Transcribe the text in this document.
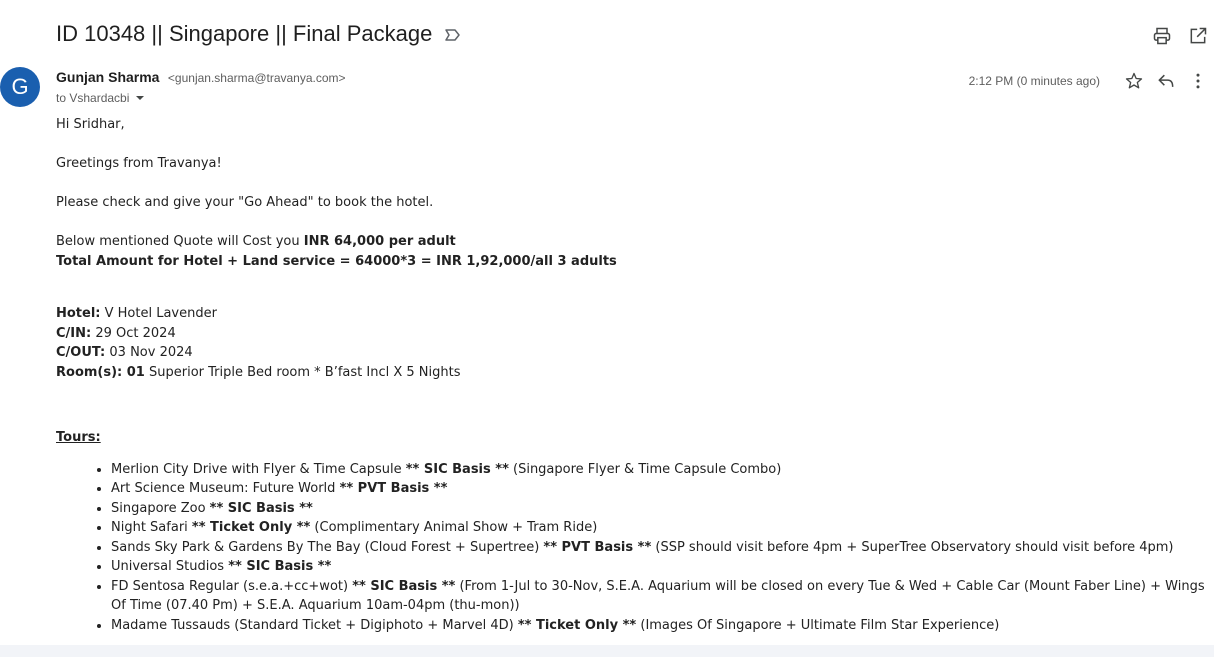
ID 10348 || Singapore || Final Package
G Gunjan Sharma <gunjan.sharma@travanya.com>
to Vshardacbi
2:12 PM (0 minutes ago)

Hi Sridhar,

Greetings from Travanya!

Please check and give your "Go Ahead" to book the hotel.

Below mentioned Quote will Cost you INR 64,000 per adult

Total Amount for Hotel + Land service = 64000*3 = INR 1,92,000/all 3 adults

Hotel: V Hotel Lavender

C/IN: 29 Oct 2024

C/OUT: 03 Nov 2024

Room(s): 01 Superior Triple Bed room * B’fast Incl X 5 Nights

Tours:

• Merlion City Drive with Flyer & Time Capsule ** SIC Basis ** (Singapore Flyer & Time Capsule Combo)
• Art Science Museum: Future World ** PVT Basis **
• Singapore Zoo ** SIC Basis **
• Night Safari ** Ticket Only ** (Complimentary Animal Show + Tram Ride)
• Sands Sky Park & Gardens By The Bay (Cloud Forest + Supertree) ** PVT Basis ** (SSP should visit before 4pm + SuperTree Observatory should visit before 4pm)
• Universal Studios ** SIC Basis **
• FD Sentosa Regular (s.e.a.+cc+wot) ** SIC Basis ** (From 1-Jul to 30-Nov, S.E.A. Aquarium will be closed on every Tue & Wed + Cable Car (Mount Faber Line) + Wings Of Time (07.40 Pm) + S.E.A. Aquarium 10am-04pm (thu-mon))
• Madame Tussauds (Standard Ticket + Digiphoto + Marvel 4D) ** Ticket Only ** (Images Of Singapore + Ultimate Film Star Experience)
